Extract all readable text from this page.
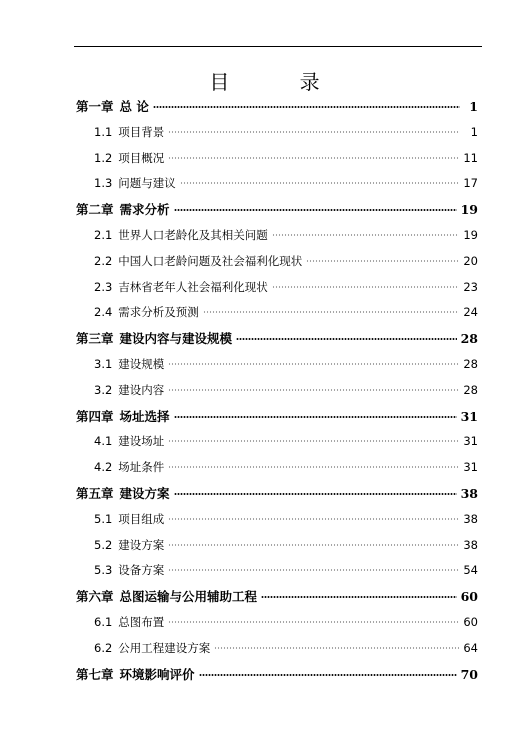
目 录
第一章 总 论	1
1.1 项目背景	1
1.2 项目概况	11
1.3 问题与建议	17
第二章 需求分析	19
2.1 世界人口老龄化及其相关问题	19
2.2 中国人口老龄问题及社会福利化现状	20
2.3 吉林省老年人社会福利化现状	23
2.4 需求分析及预测	24
第三章 建设内容与建设规模	28
3.1 建设规模	28
3.2 建设内容	28
第四章 场址选择	31
4.1 建设场址	31
4.2 场址条件	31
第五章 建设方案	38
5.1 项目组成	38
5.2 建设方案	38
5.3 设备方案	54
第六章 总图运输与公用辅助工程	60
6.1 总图布置	60
6.2 公用工程建设方案	64
第七章 环境影响评价	70
